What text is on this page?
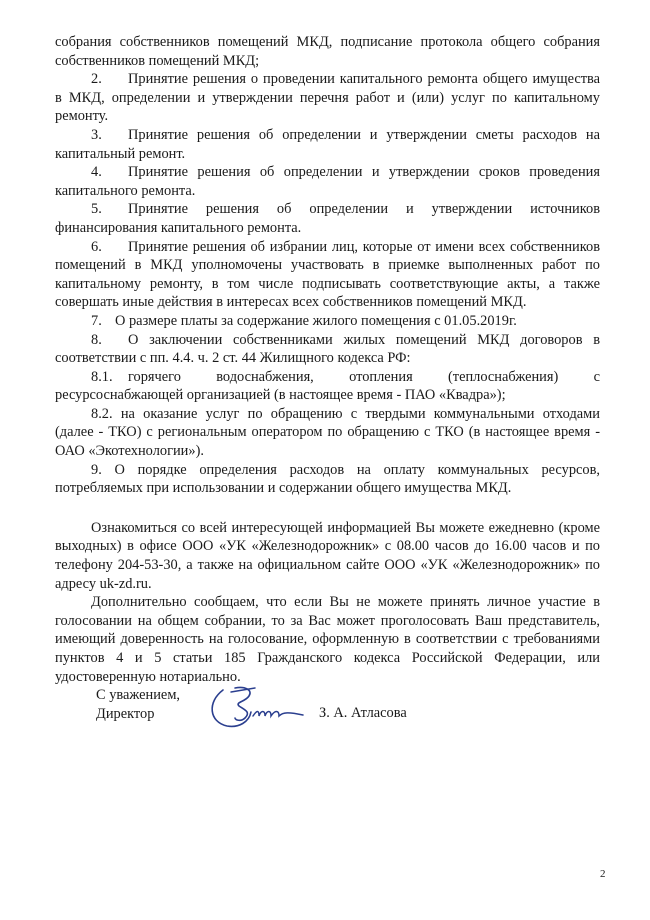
собрания собственников помещений МКД, подписание протокола общего собрания собственников помещений МКД;

2. Принятие решения о проведении капитального ремонта общего имущества в МКД, определении и утверждении перечня работ и (или) услуг по капитальному ремонту.

3. Принятие решения об определении и утверждении сметы расходов на капитальный ремонт.

4. Принятие решения об определении и утверждении сроков проведения капитального ремонта.

5. Принятие решения об определении и утверждении источников финансирования капитального ремонта.

6. Принятие решения об избрании лиц, которые от имени всех собственников помещений в МКД уполномочены участвовать в приемке выполненных работ по капитальному ремонту, в том числе подписывать соответствующие акты, а также совершать иные действия в интересах всех собственников помещений МКД.

7. О размере платы за содержание жилого помещения с 01.05.2019г.

8. О заключении собственниками жилых помещений МКД договоров в соответствии с пп. 4.4. ч. 2 ст. 44 Жилищного кодекса РФ:

8.1. горячего водоснабжения, отопления (теплоснабжения) с ресурсоснабжающей организацией (в настоящее время - ПАО «Квадра»);

8.2. на оказание услуг по обращению с твердыми коммунальными отходами (далее - ТКО) с региональным оператором по обращению с ТКО (в настоящее время - ОАО «Экотехнологии»).

9. О порядке определения расходов на оплату коммунальных ресурсов, потребляемых при использовании и содержании общего имущества МКД.

Ознакомиться со всей интересующей информацией Вы можете ежедневно (кроме выходных) в офисе ООО «УК «Железнодорожник» с 08.00 часов до 16.00 часов и по телефону 204-53-30, а также на официальном сайте ООО «УК «Железнодорожник» по адресу uk-zd.ru.

Дополнительно сообщаем, что если Вы не можете принять личное участие в голосовании на общем собрании, то за Вас может проголосовать Ваш представитель, имеющий доверенность на голосование, оформленную в соответствии с требованиями пунктов 4 и 5 статьи 185 Гражданского кодекса Российской Федерации, или удостоверенную нотариально.

С уважением,
Директор	З. А. Атласова
2
